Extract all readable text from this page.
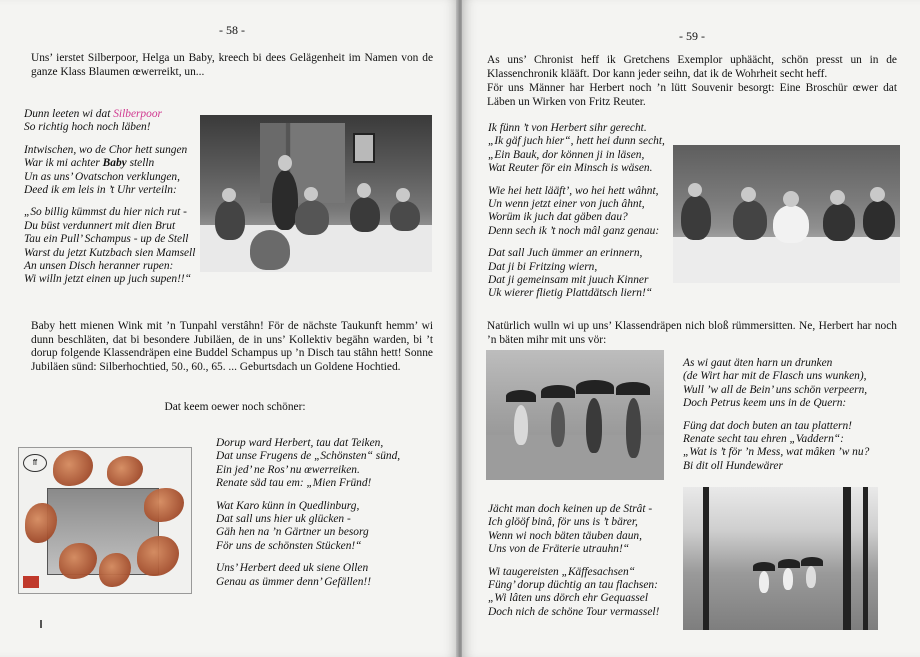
- 58 -
Uns’ ierstet Silberpoor, Helga un Baby, kreech bi dees Gelägenheit im Namen von de ganze Klass Blaumen œwerreikt, un...

Dunn leeten wi dat Silberpoor
So richtig hoch noch läben!

Intwischen, wo de Chor hett sungen
War ik mi achter Baby stelln
Un as uns’ Ovatschon verklungen,
Deed ik em leis in ’t Uhr verteiln:

„So billig kümmst du hier nich rut -
Du büst verdunnert mit dien Brut
Tau ein Pull’ Schampus - up de Stell
Warst du jetzt Kutzbach sien Mamsell
An unsen Disch heranner rupen:
Wi willn jetzt einen up juch supen!!“

Baby hett mienen Wink mit ’n Tunpahl verstâhn! För de nächste Taukunft hemm’ wi dunn beschläten, dat bi besondere Jubiläen, de in uns’ Kollektiv begähn warden, bi ’t dorup folgende Klassendräpen eine Buddel Schampus up ’n Disch tau stâhn hett! Sonne Jubiläen sünd: Silberhochtied, 50., 60., 65. ... Geburtsdach un Goldene Hochtied.
Dat keem oewer noch schöner:
ff

Dorup ward Herbert, tau dat Teiken,
Dat unse Frugens de „Schönsten“ sünd,
Ein jed’ ne Ros’ nu œwerreiken.
Renate säd tau em: „Mien Fründ!

Wat Karo künn in Quedlinburg,
Dat sall uns hier uk glücken -
Gäh hen na ’n Gärtner un besorg
För uns de schönsten Stücken!“

Uns’ Herbert deed uk siene Ollen
Genau as ümmer denn’ Gefällen!!

- 59 -
As uns’ Chronist heff ik Gretchens Exemplor uphäächt, schön presst un in de Klassenchronik klääft. Dor kann jeder seihn, dat ik de Wohrheit secht heff.
För uns Männer har Herbert noch ’n lütt Souvenir besorgt: Eine Broschür œwer dat Läben un Wirken von Fritz Reuter.

Ik fünn ’t von Herbert sihr gerecht.
„Ik gäf juch hier“, hett hei dunn secht,
„Ein Bauk, dor können ji in läsen,
Wat Reuter för ein Minsch is wäsen.

Wie hei hett lääft’, wo hei hett wâhnt,
Un wenn jetzt einer von juch âhnt,
Worüm ik juch dat gäben dau?
Denn sech ik ’t noch mâl ganz genau:

Dat sall Juch ümmer an erinnern,
Dat ji bi Fritzing wiern,
Dat ji gemeinsam mit juuch Kinner
Uk wierer flietig Plattdätsch liern!“

Natürlich wulln wi up uns’ Klassendräpen nich bloß rümmersitten. Ne, Herbert har noch ’n bäten mihr mit uns vör:

As wi gaut äten harn un drunken
(de Wirt har mit de Flasch uns wunken),
Wull ’w all de Bein’ uns schön verpeern,
Doch Petrus keem uns in de Quern:

Füng dat doch buten an tau plattern!
Renate secht tau ehren „Vaddern“:
„Wat is ’t för ’n Mess, wat mâken ’w nu?
Bi dit oll Hundewärer

Jächt man doch keinen up de Strât -
Ich glööf binâ, för uns is ’t bärer,
Wenn wi noch bäten täuben daun,
Uns von de Fräterie utrauhn!“

Wi taugereisten „Käffesachsen“
Füng’ dorup düchtig an tau flachsen:
„Wi lâten uns dörch ehr Gequassel
Doch nich de schöne Tour vermassel!
